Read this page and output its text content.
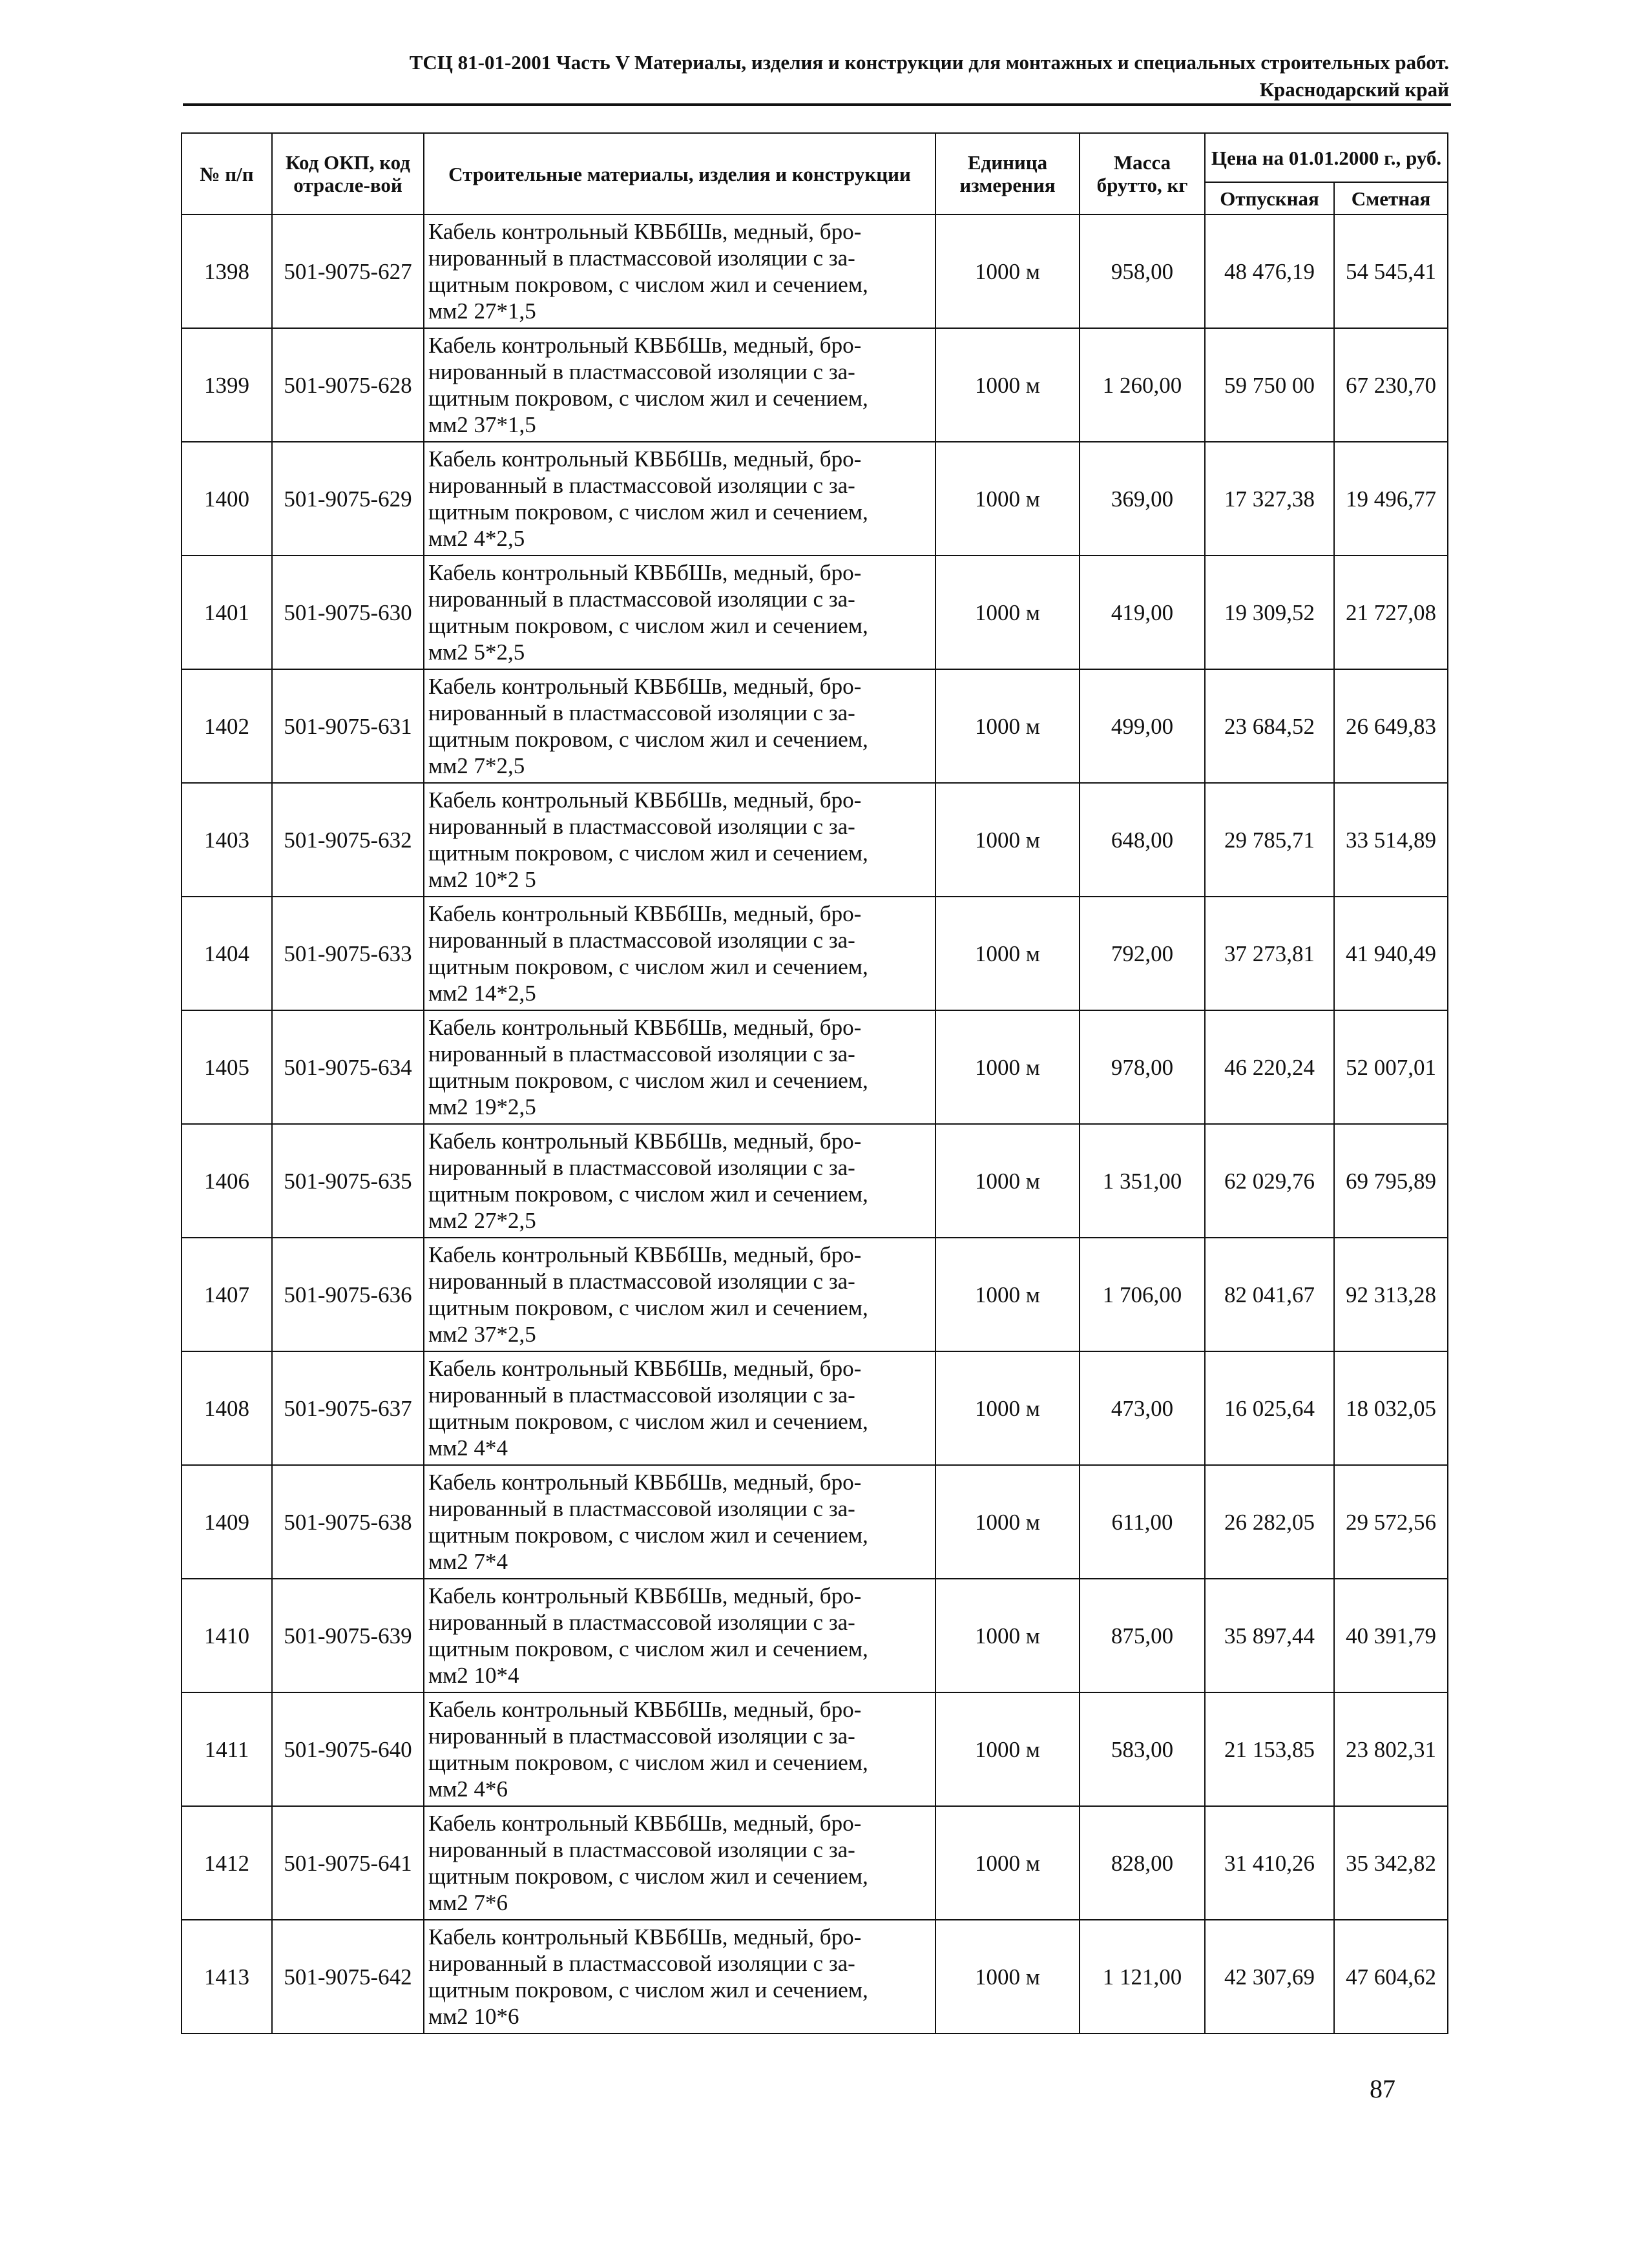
ТСЦ 81-01-2001 Часть V Материалы, изделия и конструкции для монтажных и специальных строительных работ.
Краснодарский край
№ п/п	Код ОКП, код отрасле-вой	Строительные материалы, изделия и конструкции	Единица измерения	Масса брутто, кг	Цена на 01.01.2000 г., руб.	
					Отпускная	Сметная
1398	501-9075-627	Кабель контрольный КВБбШв, медный, бро-
нированный в пластмассовой изоляции с за-
щитным покровом, с числом жил и сечением,
мм2 27*1,5	1000 м	958,00	48 476,19	54 545,41
1399	501-9075-628	Кабель контрольный КВБбШв, медный, бро-
нированный в пластмассовой изоляции с за-
щитным покровом, с числом жил и сечением,
мм2 37*1,5	1000 м	1 260,00	59 750 00	67 230,70
1400	501-9075-629	Кабель контрольный КВБбШв, медный, бро-
нированный в пластмассовой изоляции с за-
щитным покровом, с числом жил и сечением,
мм2 4*2,5	1000 м	369,00	17 327,38	19 496,77
1401	501-9075-630	Кабель контрольный КВБбШв, медный, бро-
нированный в пластмассовой изоляции с за-
щитным покровом, с числом жил и сечением,
мм2 5*2,5	1000 м	419,00	19 309,52	21 727,08
1402	501-9075-631	Кабель контрольный КВБбШв, медный, бро-
нированный в пластмассовой изоляции с за-
щитным покровом, с числом жил и сечением,
мм2 7*2,5	1000 м	499,00	23 684,52	26 649,83
1403	501-9075-632	Кабель контрольный КВБбШв, медный, бро-
нированный в пластмассовой изоляции с за-
щитным покровом, с числом жил и сечением,
мм2 10*2 5	1000 м	648,00	29 785,71	33 514,89
1404	501-9075-633	Кабель контрольный КВБбШв, медный, бро-
нированный в пластмассовой изоляции с за-
щитным покровом, с числом жил и сечением,
мм2 14*2,5	1000 м	792,00	37 273,81	41 940,49
1405	501-9075-634	Кабель контрольный КВБбШв, медный, бро-
нированный в пластмассовой изоляции с за-
щитным покровом, с числом жил и сечением,
мм2 19*2,5	1000 м	978,00	46 220,24	52 007,01
1406	501-9075-635	Кабель контрольный КВБбШв, медный, бро-
нированный в пластмассовой изоляции с за-
щитным покровом, с числом жил и сечением,
мм2 27*2,5	1000 м	1 351,00	62 029,76	69 795,89
1407	501-9075-636	Кабель контрольный КВБбШв, медный, бро-
нированный в пластмассовой изоляции с за-
щитным покровом, с числом жил и сечением,
мм2 37*2,5	1000 м	1 706,00	82 041,67	92 313,28
1408	501-9075-637	Кабель контрольный КВБбШв, медный, бро-
нированный в пластмассовой изоляции с за-
щитным покровом, с числом жил и сечением,
мм2 4*4	1000 м	473,00	16 025,64	18 032,05
1409	501-9075-638	Кабель контрольный КВБбШв, медный, бро-
нированный в пластмассовой изоляции с за-
щитным покровом, с числом жил и сечением,
мм2 7*4	1000 м	611,00	26 282,05	29 572,56
1410	501-9075-639	Кабель контрольный КВБбШв, медный, бро-
нированный в пластмассовой изоляции с за-
щитным покровом, с числом жил и сечением,
мм2 10*4	1000 м	875,00	35 897,44	40 391,79
1411	501-9075-640	Кабель контрольный КВБбШв, медный, бро-
нированный в пластмассовой изоляции с за-
щитным покровом, с числом жил и сечением,
мм2 4*6	1000 м	583,00	21 153,85	23 802,31
1412	501-9075-641	Кабель контрольный КВБбШв, медный, бро-
нированный в пластмассовой изоляции с за-
щитным покровом, с числом жил и сечением,
мм2 7*6	1000 м	828,00	31 410,26	35 342,82
1413	501-9075-642	Кабель контрольный КВБбШв, медный, бро-
нированный в пластмассовой изоляции с за-
щитным покровом, с числом жил и сечением,
мм2 10*6	1000 м	1 121,00	42 307,69	47 604,62
87
